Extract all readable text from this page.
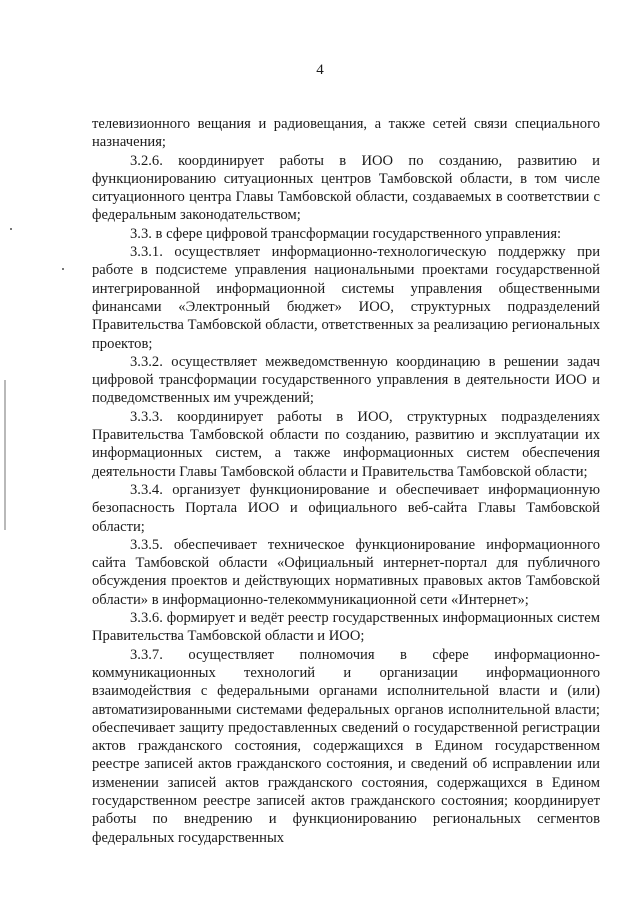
4

телевизионного вещания и радиовещания, а также сетей связи специального назначения;

3.2.6. координирует работы в ИОО по созданию, развитию и функционированию ситуационных центров Тамбовской области, в том числе ситуационного центра Главы Тамбовской области, создаваемых в соответствии с федеральным законодательством;

3.3. в сфере цифровой трансформации государственного управления:

3.3.1. осуществляет информационно-технологическую поддержку при работе в подсистеме управления национальными проектами государственной интегрированной информационной системы управления общественными финансами «Электронный бюджет» ИОО, структурных подразделений Правительства Тамбовской области, ответственных за реализацию региональных проектов;

3.3.2. осуществляет межведомственную координацию в решении задач цифровой трансформации государственного управления в деятельности ИОО и подведомственных им учреждений;

3.3.3. координирует работы в ИОО, структурных подразделениях Правительства Тамбовской области по созданию, развитию и эксплуатации их информационных систем, а также информационных систем обеспечения деятельности Главы Тамбовской области и Правительства Тамбовской области;

3.3.4. организует функционирование и обеспечивает информационную безопасность Портала ИОО и официального веб-сайта Главы Тамбовской области;

3.3.5. обеспечивает техническое функционирование информационного сайта Тамбовской области «Официальный интернет-портал для публичного обсуждения проектов и действующих нормативных правовых актов Тамбовской области» в информационно-телекоммуникационной сети «Интернет»;

3.3.6. формирует и ведёт реестр государственных информационных систем Правительства Тамбовской области и ИОО;

3.3.7. осуществляет полномочия в сфере информационно-коммуникационных технологий и организации информационного взаимодействия с федеральными органами исполнительной власти и (или) автоматизированными системами федеральных органов исполнительной власти; обеспечивает защиту предоставленных сведений о государственной регистрации актов гражданского состояния, содержащихся в Едином государственном реестре записей актов гражданского состояния, и сведений об исправлении или изменении записей актов гражданского состояния, содержащихся в Едином государственном реестре записей актов гражданского состояния; координирует работы по внедрению и функционированию региональных сегментов федеральных государственных
